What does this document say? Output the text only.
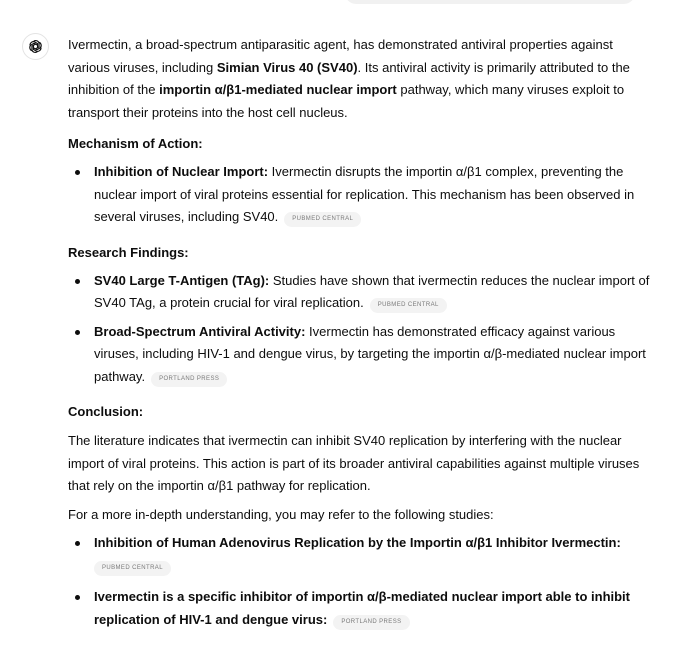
Ivermectin, a broad-spectrum antiparasitic agent, has demonstrated antiviral properties against various viruses, including Simian Virus 40 (SV40). Its antiviral activity is primarily attributed to the inhibition of the importin α/β1-mediated nuclear import pathway, which many viruses exploit to transport their proteins into the host cell nucleus.

Mechanism of Action:
Inhibition of Nuclear Import: Ivermectin disrupts the importin α/β1 complex, preventing the nuclear import of viral proteins essential for replication. This mechanism has been observed in several viruses, including SV40. PUBMED CENTRAL
Research Findings:
SV40 Large T-Antigen (TAg): Studies have shown that ivermectin reduces the nuclear import of SV40 TAg, a protein crucial for viral replication. PUBMED CENTRAL
Broad-Spectrum Antiviral Activity: Ivermectin has demonstrated efficacy against various viruses, including HIV-1 and dengue virus, by targeting the importin α/β-mediated nuclear import pathway. PORTLAND PRESS
Conclusion:

The literature indicates that ivermectin can inhibit SV40 replication by interfering with the nuclear import of viral proteins. This action is part of its broader antiviral capabilities against multiple viruses that rely on the importin α/β1 pathway for replication.

For a more in-depth understanding, you may refer to the following studies:

Inhibition of Human Adenovirus Replication by the Importin α/β1 Inhibitor Ivermectin:
PUBMED CENTRAL
Ivermectin is a specific inhibitor of importin α/β-mediated nuclear import able to inhibit replication of HIV-1 and dengue virus: PORTLAND PRESS
